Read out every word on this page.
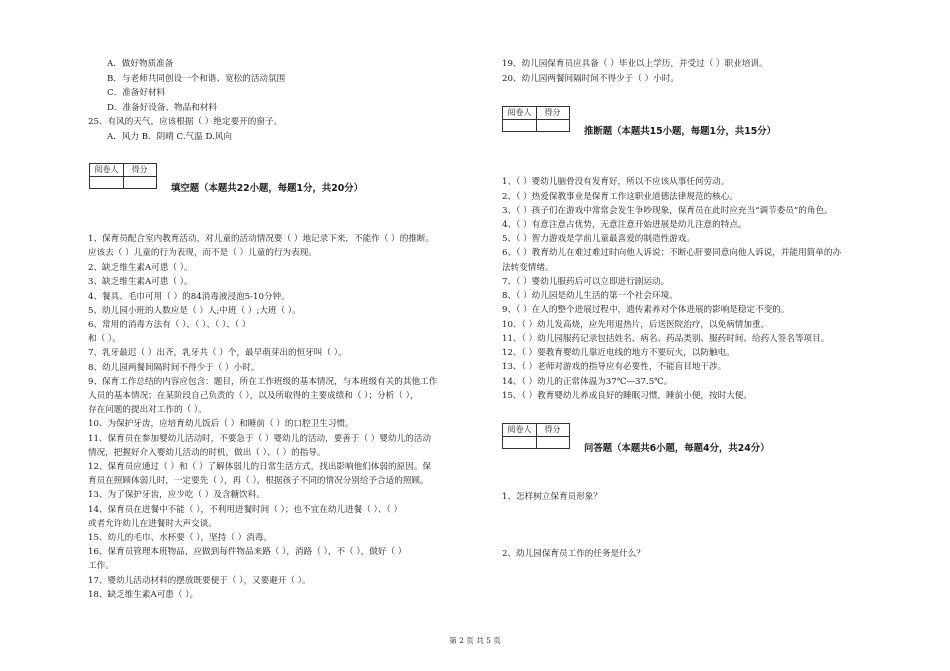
A．做好物质准备
B．与老师共同创设一个和谐、宽松的活动氛围
C．准备好材料
D．准备好设备、物品和材料
25、有风的天气，应该根据（ ）绝定要开的窗子。
A．风力 B．阴晴 C.气温 D.风向
阅卷人	得分
填空题（本题共22小题，每题1分，共20分）
1、保育员配合室内教育活动，对儿童的活动情况要（ ）地记录下来，不能作（ ）的推断。
应该去（ ）儿童的行为表现，而不是（ ）儿童的行为表现。
2、缺乏维生素A可患（ ）。
3、缺乏维生素A可患（ ）。
4、餐具、毛巾可用（ ）的84消毒液浸泡5-10分钟。
5、幼儿园小班的人数应是（ ）人;中班（ ）;大班（ ）。
6、常用的消毒方法有（ ）、（ ）、（ ）、（ ）
和（ ）。
7、乳牙最迟（ ）出齐，乳牙共（ ）个，最早萌芽出的恒牙叫（ ）。
8、幼儿园两餐间隔时间不得少于（ ）小时。
9、保育工作总结的内容应包含：题目，所在工作班级的基本情况，与本班级有关的其他工作
人员的基本情况；在某阶段自己负责的（ ），以及所取得的主要成绩和（ ）；分析（ ），
存在问题的提出对工作的（ ）。
10、为保护牙齿，应培育幼儿饭后（ ）和睡前（ ）的口腔卫生习惯。
11、保育员在参加婴幼儿活动时，不要急于（ ）婴幼儿的活动，要善于（ ）婴幼儿的活动
情况，把握好介入婴幼儿活动的时机，做出（ ）、（ ）的指导。
12、保育员应通过（ ）和（ ）了解体弱儿的日常生活方式，找出影响他们体弱的原因。保
育员在照顾体弱儿时，一定要先（ ），再（ ），根据孩子不同的情况分别给予合适的照顾。
13、为了保护牙齿，应少吃（ ）及含糖饮料。
14、保育员在进餐中不能（ ），不利用进餐时间（ ）；也不宜在幼儿进餐（ ）、（ ）
或者允许幼儿在进餐时大声交谈。
15、幼儿的毛巾、水杯要（ ），坚持（ ）消毒。
16、保育员管理本班物品，应做到每件物品来路（ ），消路（ ），不（ ），做好（ ）
工作。
17、婴幼儿活动材料的摆放既要便于（ ），又要避开（ ）。
18、缺乏维生素A可患（ ）。
19、幼儿园保育员应具备（ ）毕业以上学历，并受过（ ）职业培训。
20、幼儿园两餐间隔时间不得少于（ ）小时。
阅卷人	得分
推断题（本题共15小题，每题1分，共15分）
1、（ ）婴幼儿脑骨没有发育好，所以不应该从事任何劳动。
2、（ ）热爱保教事业是保育工作这职业道德法律规范的核心。
3、（ ）孩子们在游戏中常常会发生争吵现象，保育员在此时应充当“调节委员”的角色。
4、（ ）有意注意占优势，无意注意开始进展是幼儿注意的特点。
5、（ ）智力游戏是学前儿童最喜爱的制造性游戏。
6、（ ）教育幼儿在难过难过时向他人诉说；不断心肝要同意向他人诉说，并能用简单的办
法转变情绪。
7、（ ）婴幼儿服药后可以立即进行剧运动。
8、（ ）幼儿园是幼儿生活的第一个社会环境。
9、（ ）在人的整个进展过程中，遗传素养对个体进展的影响是稳定不变的。
10、（ ）幼儿发高烧，应先用退热片，后送医院治疗，以免病情加重。
11、（ ）幼儿园服药记录包括姓名、病名、药品类别、服药时间、给药人签名等项目。
12、（ ）要教育婴幼儿靠近电线的地方不要玩火，以防触电。
13、（ ）老师对游戏的指导应有必要性，不能盲目地干涉。
14、（ ）幼儿的正常体温为37℃—37.5℃。
15、（ ）教育婴幼儿养成良好的睡眠习惯，睡前小便，按时大便。
阅卷人	得分
问答题（本题共6小题，每题4分，共24分）
1、怎样树立保育员形象？
2、幼儿园保育员工作的任务是什么？
第 2 页 共 5 页
